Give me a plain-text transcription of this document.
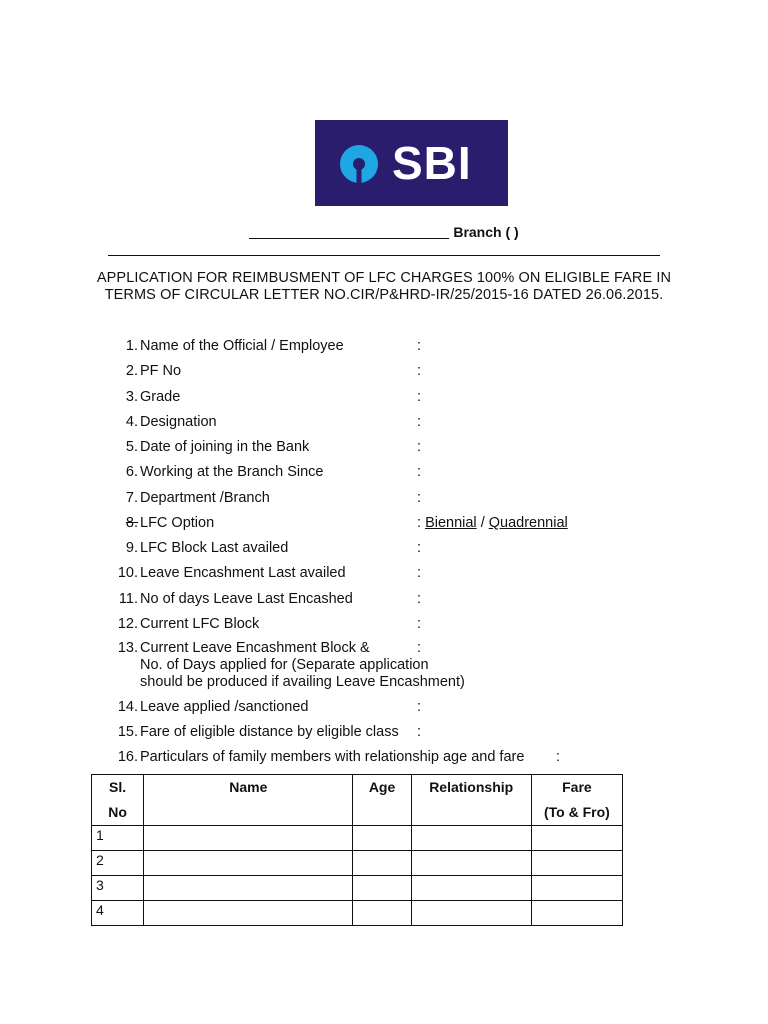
SBI
Branch ( )
APPLICATION FOR REIMBUSMENT OF LFC CHARGES 100% ON ELIGIBLE FARE IN TERMS OF CIRCULAR LETTER NO.CIR/P&HRD-IR/25/2015-16 DATED 26.06.2015.
1. Name of the Official / Employee	:
2. PF No	:
3. Grade	:
4. Designation	:
5. Date of joining in the Bank	:
6. Working at the Branch Since	:
7. Department /Branch	:
8. LFC Option	: Biennial / Quadrennial
9. LFC Block Last availed	:
10. Leave Encashment Last availed	:
11. No of days Leave Last Encashed	:
12. Current LFC Block	:
13. Current Leave Encashment Block &	:
No. of Days applied for (Separate application
should be produced if availing Leave Encashment)
14. Leave applied /sanctioned	:
15. Fare of eligible distance by eligible class :
16. Particulars of family members with relationship age and fare :
Sl.
No	Name	Age	Relationship	Fare
(To & Fro)
1				
2				
3				
4				
